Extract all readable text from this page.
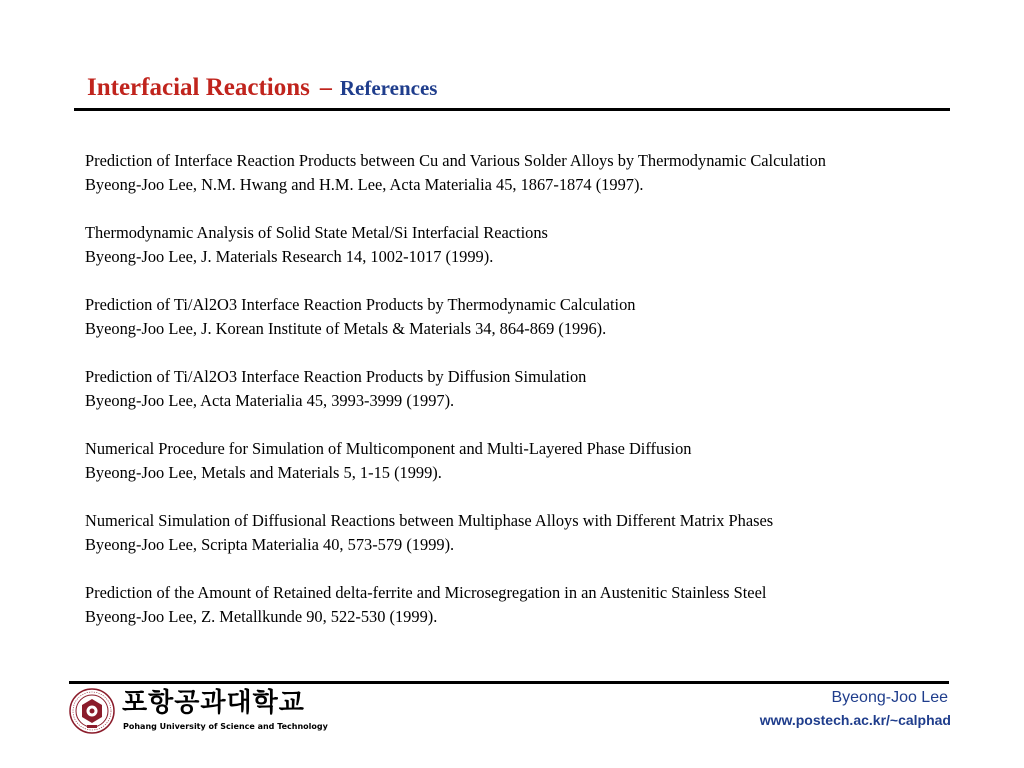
Interfacial Reactions – References
Prediction of Interface Reaction Products between Cu and Various Solder Alloys by Thermodynamic Calculation
Byeong-Joo Lee, N.M. Hwang and H.M. Lee, Acta Materialia 45, 1867-1874 (1997).
Thermodynamic Analysis of Solid State Metal/Si Interfacial Reactions
Byeong-Joo Lee, J. Materials Research 14, 1002-1017 (1999).
Prediction of Ti/Al2O3 Interface Reaction Products by Thermodynamic Calculation
Byeong-Joo Lee, J. Korean Institute of Metals & Materials 34, 864-869 (1996).
Prediction of Ti/Al2O3 Interface Reaction Products by Diffusion Simulation
Byeong-Joo Lee, Acta Materialia 45, 3993-3999 (1997).
Numerical Procedure for Simulation of Multicomponent and Multi-Layered Phase Diffusion
Byeong-Joo Lee, Metals and Materials 5, 1-15 (1999).
Numerical Simulation of Diffusional Reactions between Multiphase Alloys with Different Matrix Phases
Byeong-Joo Lee, Scripta Materialia 40, 573-579 (1999).
Prediction of the Amount of Retained delta-ferrite and Microsegregation in an Austenitic Stainless Steel
Byeong-Joo Lee, Z. Metallkunde 90, 522-530 (1999).
포항공과대학교
Pohang University of Science and Technology
Byeong-Joo Lee
www.postech.ac.kr/~calphad
